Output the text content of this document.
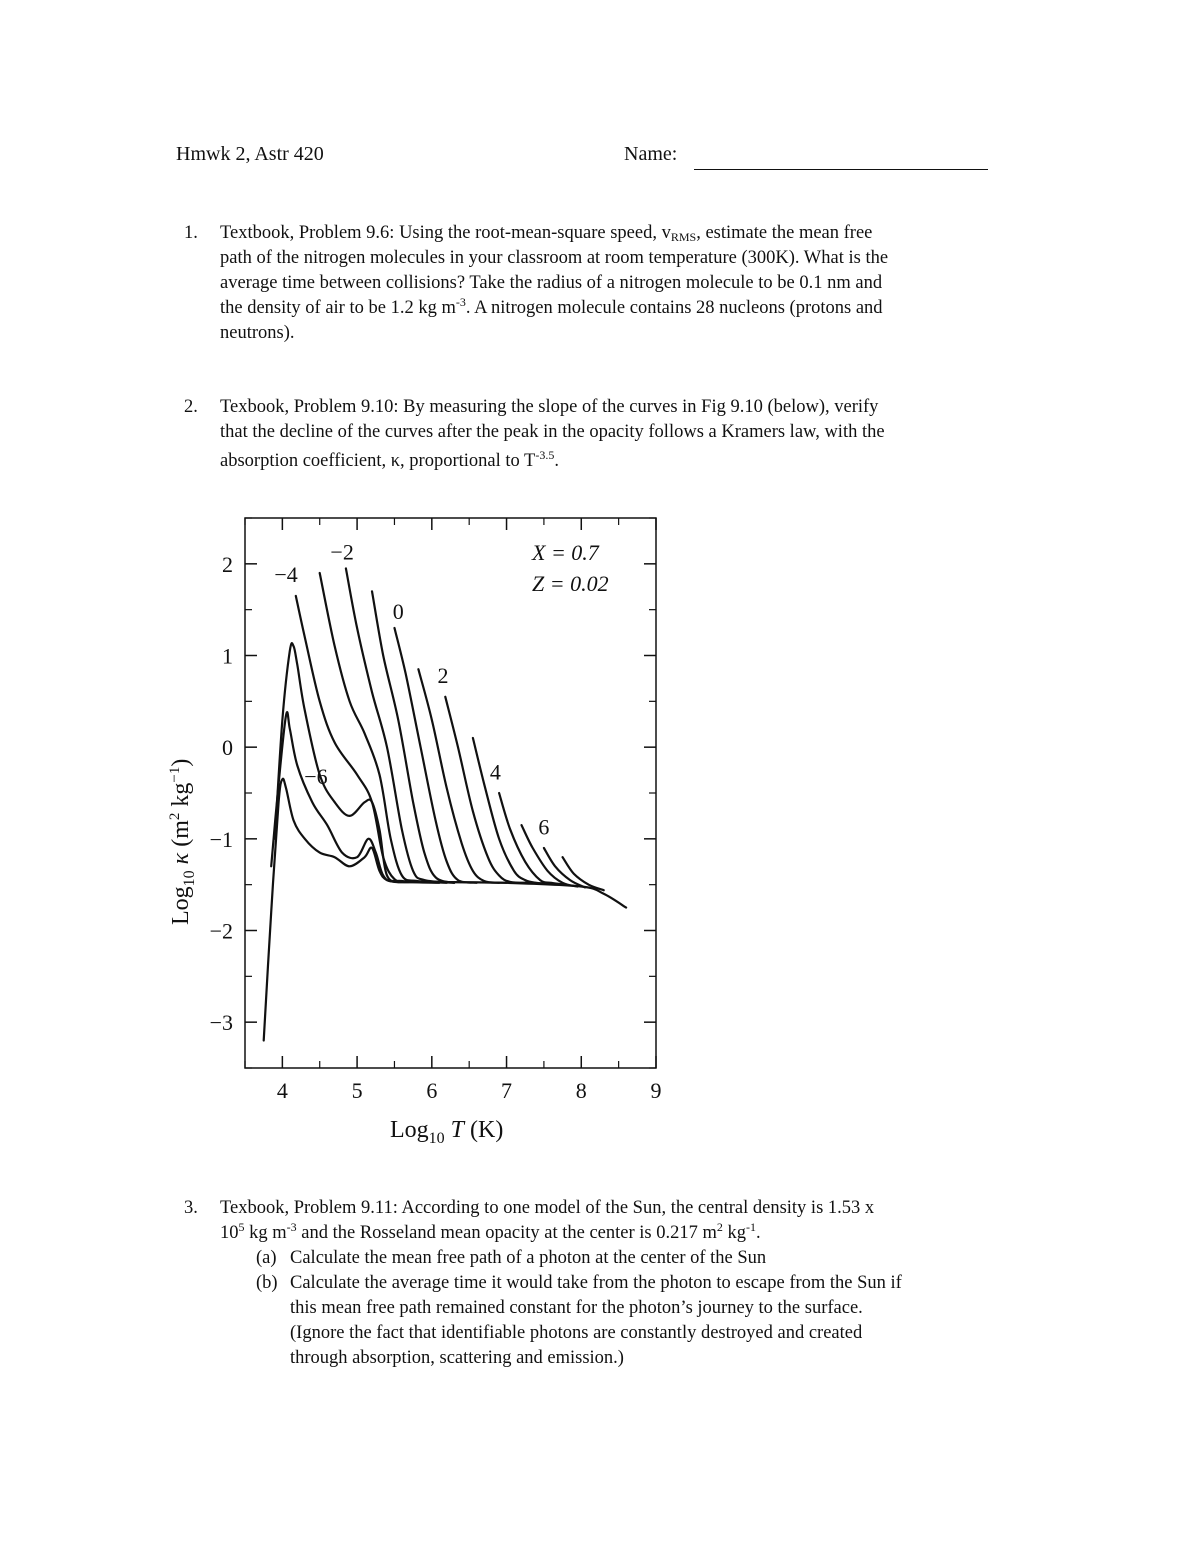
Hmwk 2, Astr 420	Name:
1. Textbook, Problem 9.6: Using the root-mean-square speed, $v_{RMS}$, estimate the mean free

path of the nitrogen molecules in your classroom at room temperature (300K). What is the

average time between collisions? Take the radius of a nitrogen molecule to be 0.1 nm and

the density of air to be 1.2 kg $m^{-3}$. A nitrogen molecule contains 28 nucleons (protons and

neutrons).

2. Texbook, Problem 9.10: By measuring the slope of the curves in Fig 9.10 (below), verify

that the decline of the curves after the peak in the opacity follows a Kramers law, with the

absorption coefficient, κ, proportional to $T^{-3.5}$.

4	5	6	7	8	9
2
1
0
−1
−2
−3
−4
−2
0
2
4
6
−6
X = 0.7
Z = 0.02
Log$_{10}$ T (K)
Log$_{10}$ κ ($m^2$ $kg^{-1}$)
3. Texbook, Problem 9.11: According to one model of the Sun, the central density is 1.53 x

$10^5$ kg $m^{-3}$ and the Rosseland mean opacity at the center is 0.217 $m^2$ $kg^{-1}$.

(a) Calculate the mean free path of a photon at the center of the Sun
(b) Calculate the average time it would take from the photon to escape from the Sun if
this mean free path remained constant for the photon’s journey to the surface.
(Ignore the fact that identifiable photons are constantly destroyed and created
through absorption, scattering and emission.)
